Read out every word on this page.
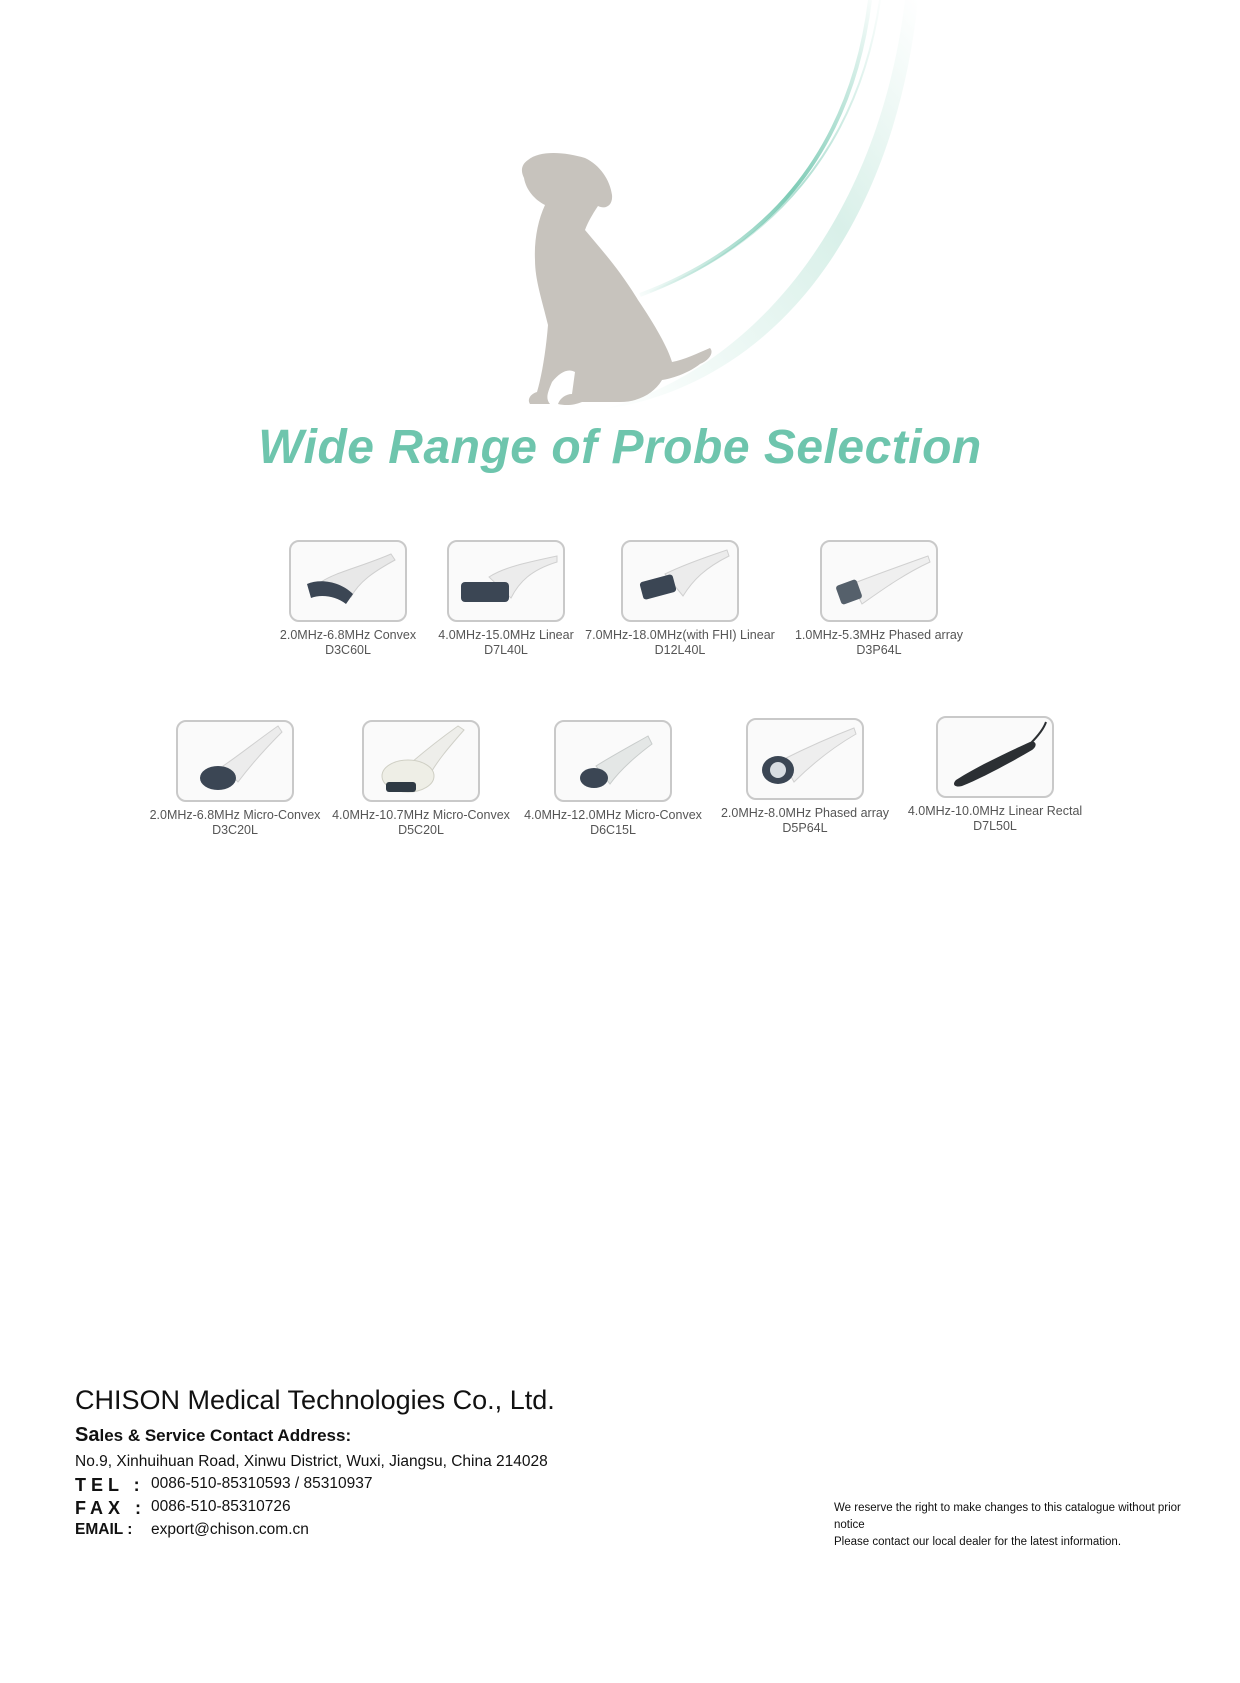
Wide Range of Probe Selection
2.0MHz-6.8MHz Convex
D3C60L
4.0MHz-15.0MHz Linear
D7L40L
7.0MHz-18.0MHz(with FHI) Linear
D12L40L
1.0MHz-5.3MHz Phased array
D3P64L
2.0MHz-6.8MHz Micro-Convex
D3C20L
4.0MHz-10.7MHz Micro-Convex
D5C20L
4.0MHz-12.0MHz Micro-Convex
D6C15L
2.0MHz-8.0MHz Phased array
D5P64L
4.0MHz-10.0MHz Linear Rectal
D7L50L
CHISON Medical Technologies Co., Ltd.
Sales & Service Contact Address:
No.9, Xinhuihuan Road, Xinwu District, Wuxi, Jiangsu, China 214028
TEL : 0086-510-85310593 / 85310937
FAX : 0086-510-85310726
EMAIL :	export@chison.com.cn
We reserve the right to make changes to this catalogue without prior notice
Please contact our local dealer for the latest information.
